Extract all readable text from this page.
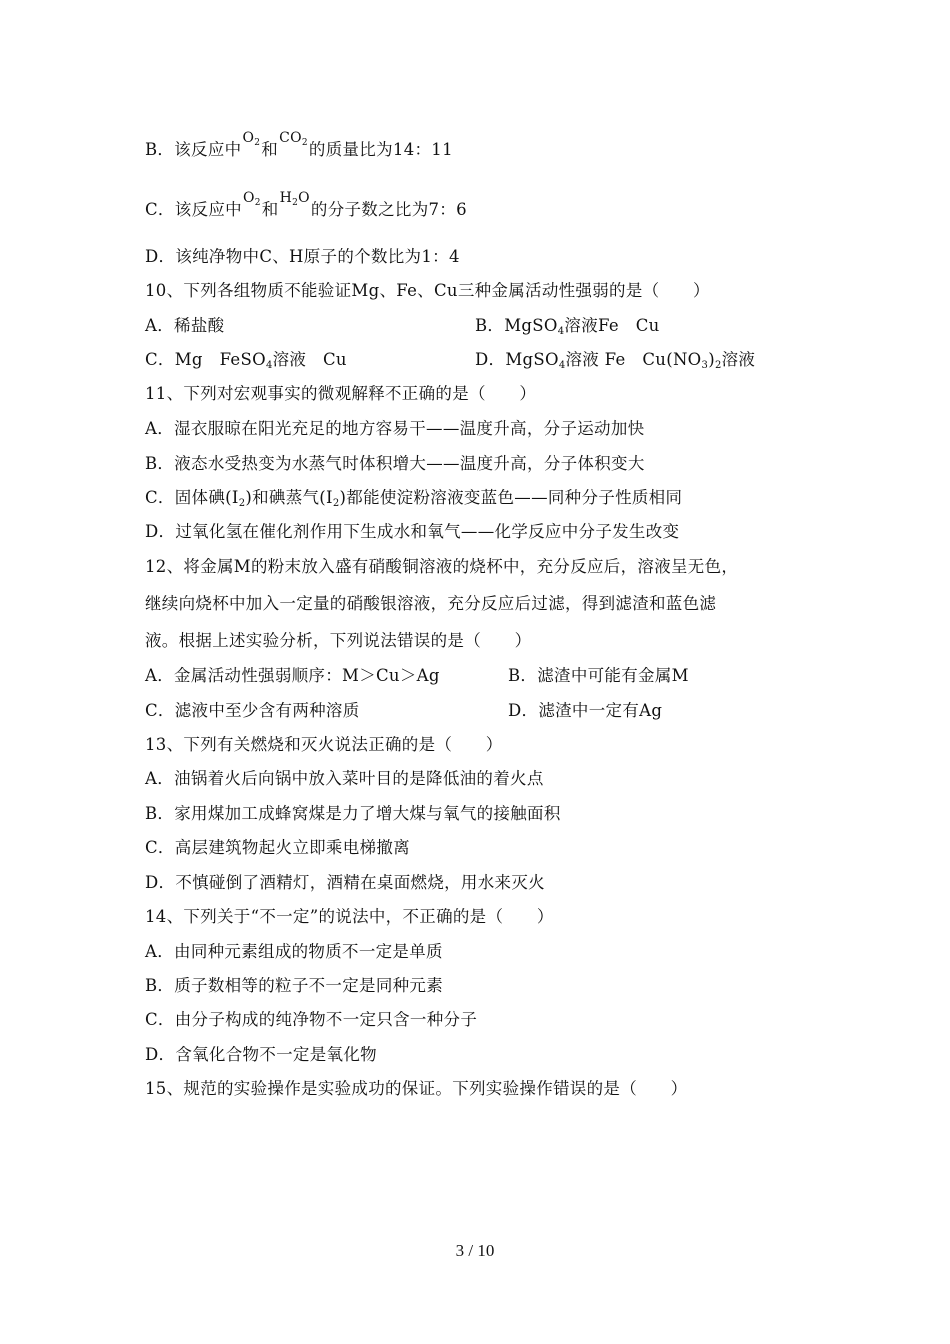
B．该反应中$O_2$和$CO_2$的质量比为14：11
C．该反应中$O_2$和$H_2O$的分子数之比为7：6
D．该纯净物中C、H原子的个数比为1：4
10、下列各组物质不能验证Mg、Fe、Cu三种金属活动性强弱的是（　　）
A．稀盐酸	B．MgSO$_4$溶液Fe　Cu
C．Mg　FeSO$_4$溶液　Cu	D．MgSO$_4$溶液 Fe　$Cu(NO_3)_2$溶液
11、下列对宏观事实的微观解释不正确的是（　　）
A．湿衣服晾在阳光充足的地方容易干——温度升高，分子运动加快
B．液态水受热变为水蒸气时体积增大——温度升高，分子体积变大
C．固体碘$(I_2)$和碘蒸气$(I_2)$都能使淀粉溶液变蓝色——同种分子性质相同
D．过氧化氢在催化剂作用下生成水和氧气——化学反应中分子发生改变
12、将金属M的粉末放入盛有硝酸铜溶液的烧杯中，充分反应后，溶液呈无色，
继续向烧杯中加入一定量的硝酸银溶液，充分反应后过滤，得到滤渣和蓝色滤
液。根据上述实验分析，下列说法错误的是（　　）
A．金属活动性强弱顺序：M＞Cu＞Ag	B．滤渣中可能有金属M
C．滤液中至少含有两种溶质	D．滤渣中一定有Ag
13、下列有关燃烧和灭火说法正确的是（　　）
A．油锅着火后向锅中放入菜叶目的是降低油的着火点
B．家用煤加工成蜂窝煤是力了增大煤与氧气的接触面积
C．高层建筑物起火立即乘电梯撤离
D．不慎碰倒了酒精灯，酒精在桌面燃烧，用水来灭火
14、下列关于“不一定”的说法中，不正确的是（　　）
A．由同种元素组成的物质不一定是单质
B．质子数相等的粒子不一定是同种元素
C．由分子构成的纯净物不一定只含一种分子
D．含氧化合物不一定是氧化物
15、规范的实验操作是实验成功的保证。下列实验操作错误的是（　　）
3 / 10
